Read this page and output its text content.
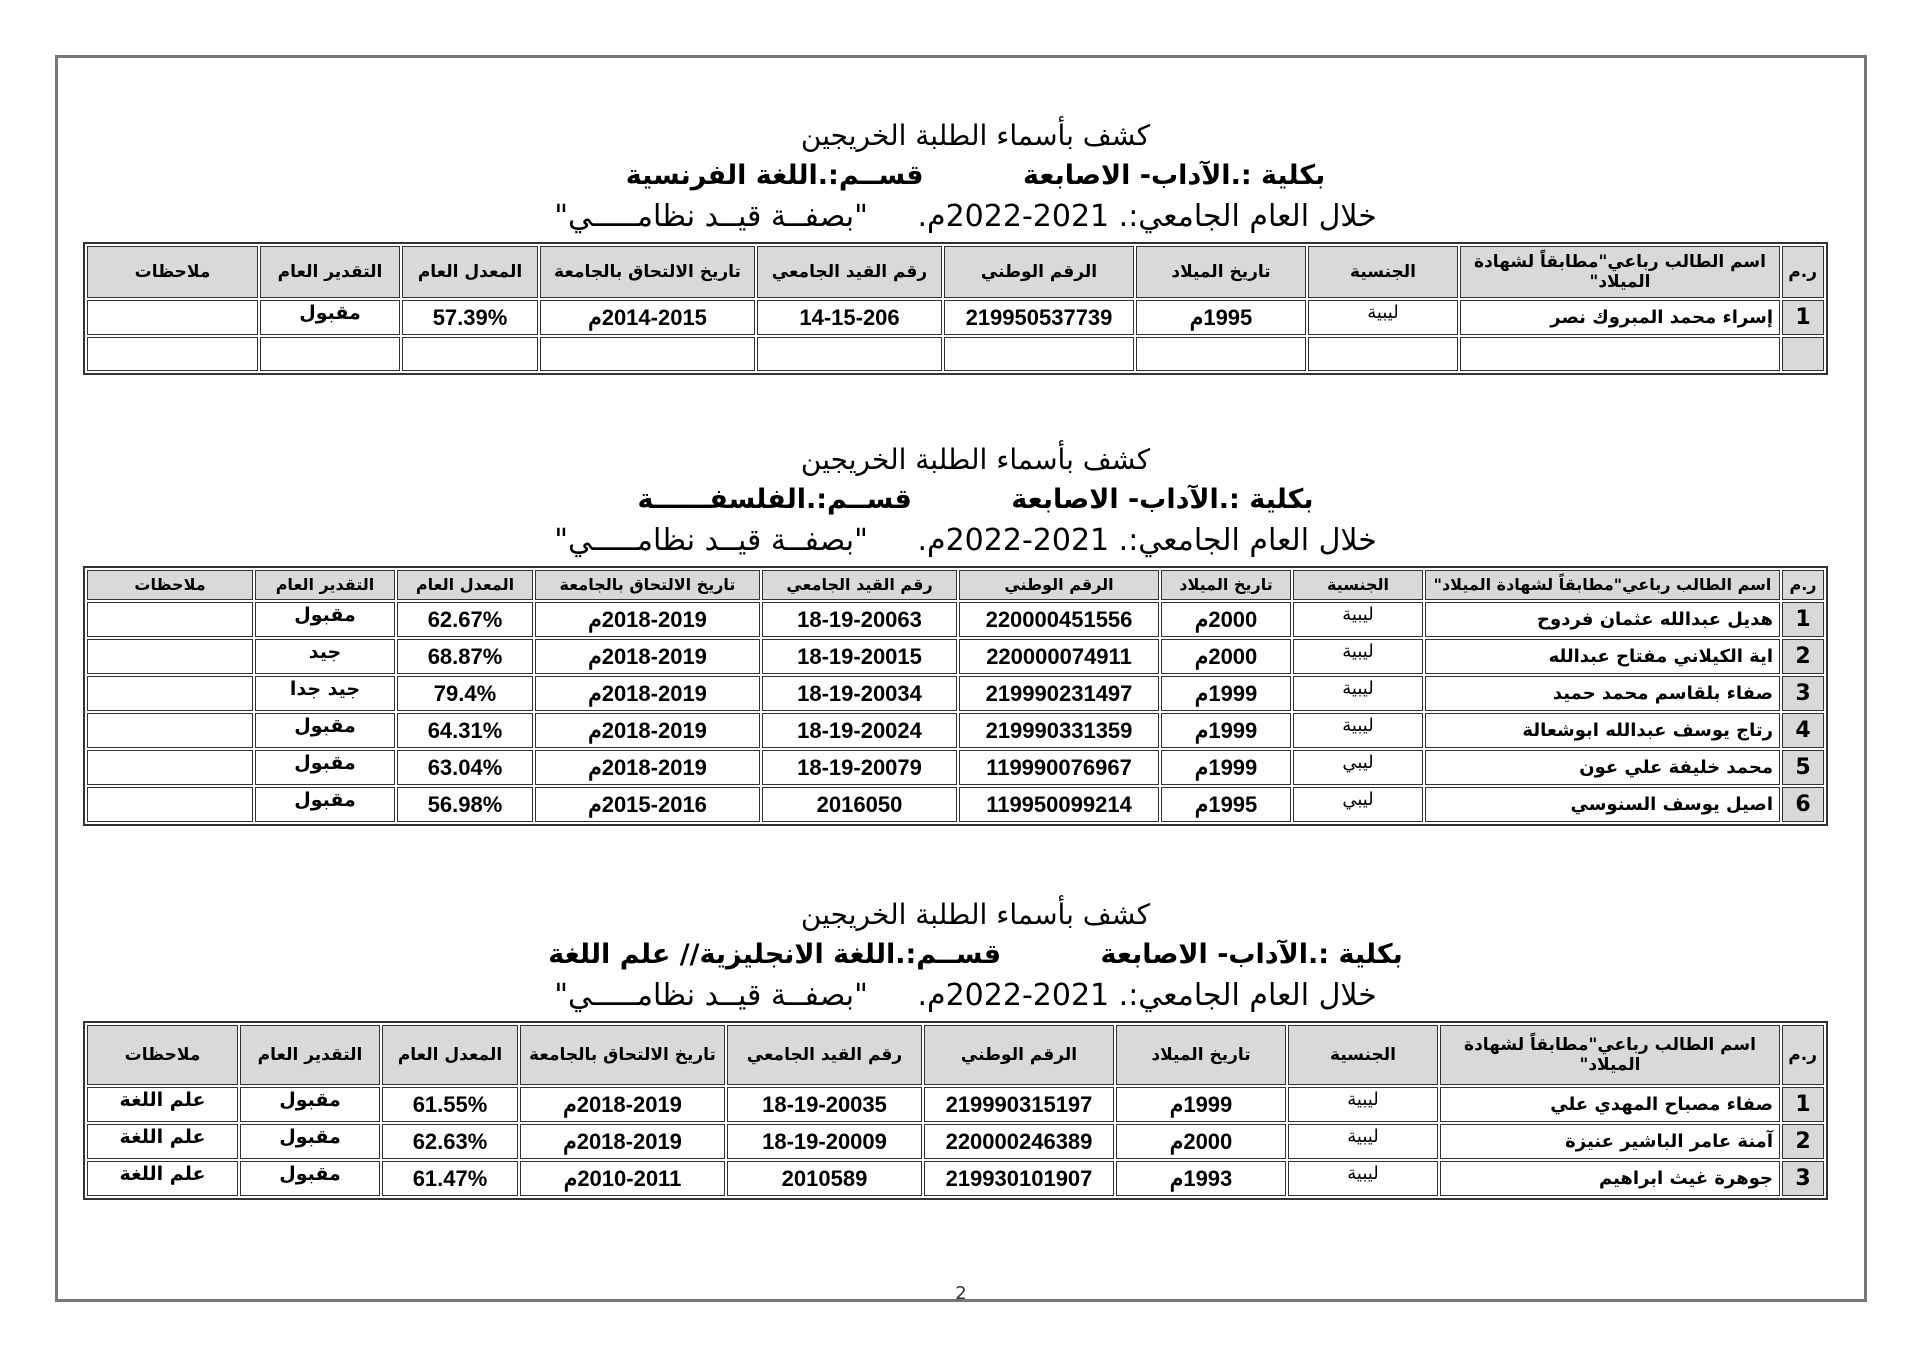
كشف بأسماء الطلبة الخريجين
بكلية :.الآداب- الاصابعة قســم:.اللغة الفرنسية
خلال العام الجامعي:. 2021-2022م. "بصفــة قيــد نظامـــــي"
ر.م	اسم الطالب رباعي"مطابقاً لشهادة الميلاد"	الجنسية	تاريخ الميلاد	الرقم الوطني	رقم القيد الجامعي	تاريخ الالتحاق بالجامعة	المعدل العام	التقدير العام	ملاحظات
1	إسراء محمد المبروك نصر	ليبية	1995م	219950537739	14-15-206	2014-2015م	57.39%	مقبول	

كشف بأسماء الطلبة الخريجين
بكلية :.الآداب- الاصابعة قســم:.الفلسفــــــة
خلال العام الجامعي:. 2021-2022م. "بصفــة قيــد نظامـــــي"
ر.م	اسم الطالب رباعي"مطابقاً لشهادة الميلاد"	الجنسية	تاريخ الميلاد	الرقم الوطني	رقم القيد الجامعي	تاريخ الالتحاق بالجامعة	المعدل العام	التقدير العام	ملاحظات
1	هديل عبدالله عثمان فردوح	ليبية	2000م	220000451556	18-19-20063	2018-2019م	62.67%	مقبول	
2	اية الكيلاني مفتاح عبدالله	ليبية	2000م	220000074911	18-19-20015	2018-2019م	68.87%	جيد	
3	صفاء بلقاسم محمد حميد	ليبية	1999م	219990231497	18-19-20034	2018-2019م	79.4%	جيد جدا	
4	رتاج يوسف عبدالله ابوشعالة	ليبية	1999م	219990331359	18-19-20024	2018-2019م	64.31%	مقبول	
5	محمد خليفة علي عون	ليبي	1999م	119990076967	18-19-20079	2018-2019م	63.04%	مقبول	
6	اصيل يوسف السنوسي	ليبي	1995م	119950099214	2016050	2015-2016م	56.98%	مقبول	
كشف بأسماء الطلبة الخريجين
بكلية :.الآداب- الاصابعة قســم:.اللغة الانجليزية// علم اللغة
خلال العام الجامعي:. 2021-2022م. "بصفــة قيــد نظامـــــي"
ر.م	اسم الطالب رباعي"مطابقاً لشهادة الميلاد"	الجنسية	تاريخ الميلاد	الرقم الوطني	رقم القيد الجامعي	تاريخ الالتحاق بالجامعة	المعدل العام	التقدير العام	ملاحظات
1	صفاء مصباح المهدي علي	ليبية	1999م	219990315197	18-19-20035	2018-2019م	61.55%	مقبول	علم اللغة
2	آمنة عامر الباشير عنيزة	ليبية	2000م	220000246389	18-19-20009	2018-2019م	62.63%	مقبول	علم اللغة
3	جوهرة غيث ابراهيم	ليبية	1993م	219930101907	2010589	2010-2011م	61.47%	مقبول	علم اللغة
2
